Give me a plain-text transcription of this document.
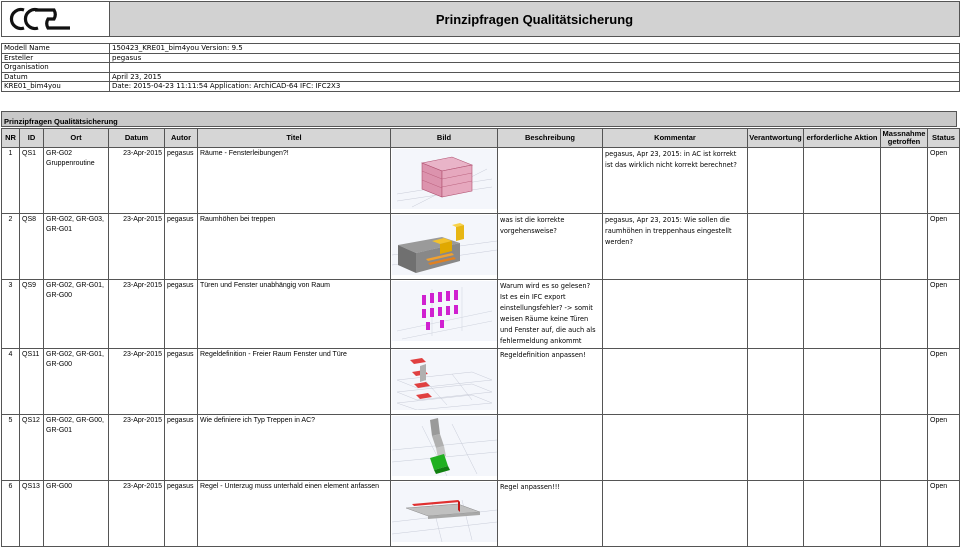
Prinzipfragen Qualitätsicherung
Modell Name	150423_KRE01_bim4you Version: 9.5
Ersteller	pegasus
Organisation	
Datum	April 23, 2015
KRE01_bim4you	Date: 2015-04-23 11:11:54 Application: ArchiCAD-64 IFC: IFC2X3
Prinzipfragen Qualitätsicherung
NR	ID	Ort	Datum	Autor	Titel	Bild	Beschreibung	Kommentar	Verantwortung	erforderliche Aktion	Massnahme getroffen	Status
1	QS1	GR-G02 Gruppenroutine	23-Apr-2015	pegasus	Räume - Fensterleibungen?!			pegasus, Apr 23, 2015: in AC ist korrekt ist das wirklich nicht korrekt berechnet?				Open
2	QS8	GR-G02, GR-G03, GR-G01	23-Apr-2015	pegasus	Raumhöhen bei treppen		was ist die korrekte vorgehensweise?	pegasus, Apr 23, 2015: Wie sollen die raumhöhen in treppenhaus eingestellt werden?				Open
3	QS9	GR-G02, GR-G01, GR-G00	23-Apr-2015	pegasus	Türen und Fenster unabhängig von Raum		Warum wird es so gelesen? Ist es ein IFC export einstellungsfehler? -> somit weisen Räume keine Türen und Fenster auf, die auch als fehlermeldung ankommt					Open
4	QS11	GR-G02, GR-G01, GR-G00	23-Apr-2015	pegasus	Regeldefinition - Freier Raum Fenster und Türe		Regeldefinition anpassen!					Open
5	QS12	GR-G02, GR-G00, GR-G01	23-Apr-2015	pegasus	Wie definiere ich Typ Treppen in AC?							Open
6	QS13	GR-G00	23-Apr-2015	pegasus	Regel - Unterzug muss unterhald einen element anfassen		Regel anpassen!!!					Open
